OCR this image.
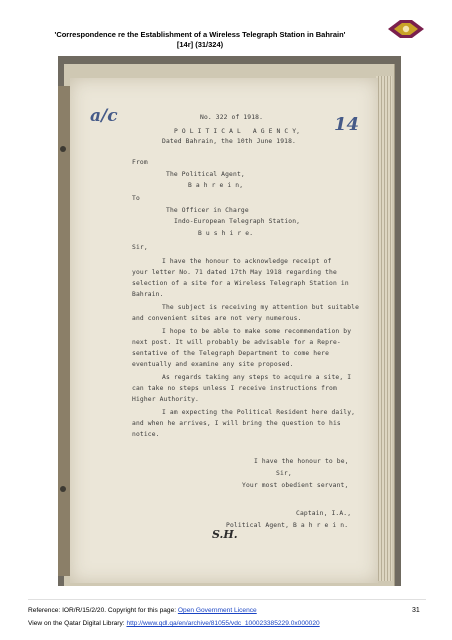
'Correspondence re the Establishment of a Wireless Telegraph Station in Bahrain'
[14r] (31/324)
a/c	14
No. 322 of 1918.
P O L I T I C A L   A G E N C Y,
Dated Bahrain, the 10th June 1918.
From
The Political Agent,
B a h r e i n,
To
The Officer in Charge
Indo-European Telegraph Station,
B u s h i r e.
Sir,
I have the honour to acknowledge receipt of
your letter No. 71 dated 17th May 1918 regarding the
selection of a site for a Wireless Telegraph Station in
Bahrain.
The subject is receiving my attention but suitable
and convenient sites are not very numerous.
I hope to be able to make some recommendation by
next post. It will probably be advisable for a Repre-
sentative of the Telegraph Department to come here
eventually and examine any site proposed.
As regards taking any steps to acquire a site, I
can take no steps unless I receive instructions from
Higher Authority.
I am expecting the Political Resident here daily,
and when he arrives, I will bring the question to his
notice.
I have the honour to be,
Sir,
Your most obedient servant,
Captain, I.A.,
Political Agent, B a h r e i n.
S.H.
Reference: IOR/R/15/2/20. Copyright for this page: Open Government Licence	31
View on the Qatar Digital Library: http://www.qdl.qa/en/archive/81055/vdc_100023385229.0x000020
